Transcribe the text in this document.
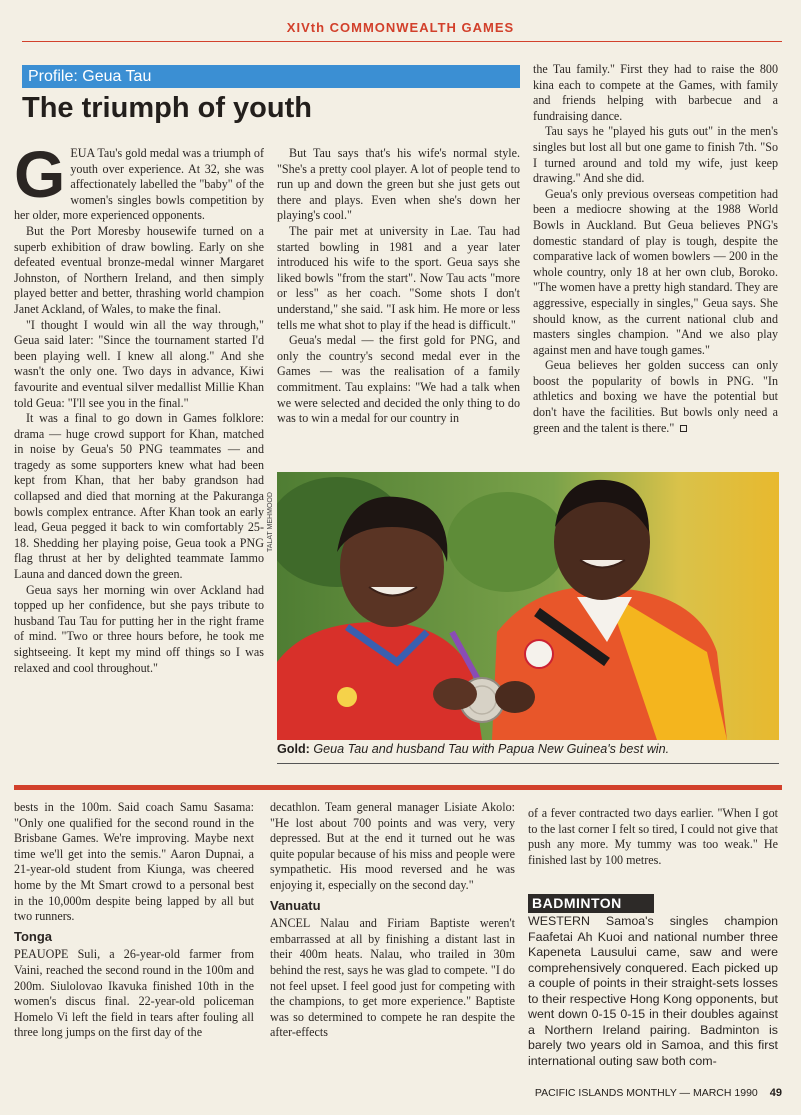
XIVth COMMONWEALTH GAMES
Profile: Geua Tau
The triumph of youth

GEUA Tau's gold medal was a triumph of youth over experience. At 32, she was affectionately labelled the "baby" of the women's singles bowls competition by her older, more experienced opponents.

But the Port Moresby housewife turned on a superb exhibition of draw bowling. Early on she defeated eventual bronze-medal winner Margaret Johnston, of Northern Ireland, and then simply played better and better, thrashing world champion Janet Ackland, of Wales, to make the final.

"I thought I would win all the way through," Geua said later: "Since the tournament started I'd been playing well. I knew all along." And she wasn't the only one. Two days in advance, Kiwi favourite and eventual silver medallist Millie Khan told Geua: "I'll see you in the final."

It was a final to go down in Games folklore: drama — huge crowd support for Khan, matched in noise by Geua's 50 PNG teammates — and tragedy as some supporters knew what had been kept from Khan, that her baby grandson had collapsed and died that morning at the Pakuranga bowls complex entrance. After Khan took an early lead, Geua pegged it back to win comfortably 25-18. Shedding her playing poise, Geua took a PNG flag thrust at her by delighted teammate Iammo Launa and danced down the green.

Geua says her morning win over Ackland had topped up her confidence, but she pays tribute to husband Tau Tau for putting her in the right frame of mind. "Two or three hours before, he took me sightseeing. It kept my mind off things so I was relaxed and cool throughout."

But Tau says that's his wife's normal style. "She's a pretty cool player. A lot of people tend to run up and down the green but she just gets out there and plays. Even when she's down her playing's cool."

The pair met at university in Lae. Tau had started bowling in 1981 and a year later introduced his wife to the sport. Geua says she liked bowls "from the start". Now Tau acts "more or less" as her coach. "Some shots I don't understand," she said. "I ask him. He more or less tells me what shot to play if the head is difficult."

Geua's medal — the first gold for PNG, and only the country's second medal ever in the Games — was the realisation of a family commitment. Tau explains: "We had a talk when we were selected and decided the only thing to do was to win a medal for our country in

the Tau family." First they had to raise the 800 kina each to compete at the Games, with family and friends helping with barbecue and a fundraising dance.

Tau says he "played his guts out" in the men's singles but lost all but one game to finish 7th. "So I turned around and told my wife, just keep drawing." And she did.

Geua's only previous overseas competition had been a mediocre showing at the 1988 World Bowls in Auckland. But Geua believes PNG's domestic standard of play is tough, despite the comparative lack of women bowlers — 200 in the whole country, only 18 at her own club, Boroko. "The women have a pretty high standard. They are aggressive, especially in singles," Geua says. She should know, as the current national club and masters singles champion. "And we also play against men and have tough games."

Geua believes her golden success can only boost the popularity of bowls in PNG. "In athletics and boxing we have the potential but don't have the facilities. But bowls only need a green and the talent is there."

TALAT MEHMOOD
Gold: Geua Tau and husband Tau with Papua New Guinea's best win.

bests in the 100m. Said coach Samu Sasama: "Only one qualified for the second round in the Brisbane Games. We're improving. Maybe next time we'll get into the semis." Aaron Dupnai, a 21-year-old student from Kiunga, was cheered home by the Mt Smart crowd to a personal best in the 10,000m despite being lapped by all but two runners.

Tonga

PEAUOPE Suli, a 26-year-old farmer from Vaini, reached the second round in the 100m and 200m. Siulolovao Ikavuka finished 10th in the women's discus final. 22-year-old policeman Homelo Vi left the field in tears after fouling all three long jumps on the first day of the

decathlon. Team general manager Lisiate Akolo: "He lost about 700 points and was very, very depressed. But at the end it turned out he was quite popular because of his miss and people were sympathetic. His mood reversed and he was enjoying it, especially on the second day."

Vanuatu

ANCEL Nalau and Firiam Baptiste weren't embarrassed at all by finishing a distant last in their 400m heats. Nalau, who trailed in 30m behind the rest, says he was glad to compete. "I do not feel upset. I feel good just for competing with the champions, to get more experience." Baptiste was so determined to compete he ran despite the after-effects

of a fever contracted two days earlier. "When I got to the last corner I felt so tired, I could not give that push any more. My tummy was too weak." He finished last by 100 metres.

BADMINTON

WESTERN Samoa's singles champion Faafetai Ah Kuoi and national number three Kapeneta Lausului came, saw and were comprehensively conquered. Each picked up a couple of points in their straight-sets losses to their respective Hong Kong opponents, but went down 0-15 0-15 in their doubles against a Northern Ireland pairing. Badminton is barely two years old in Samoa, and this first international outing saw both com-

PACIFIC ISLANDS MONTHLY — MARCH 1990 49
